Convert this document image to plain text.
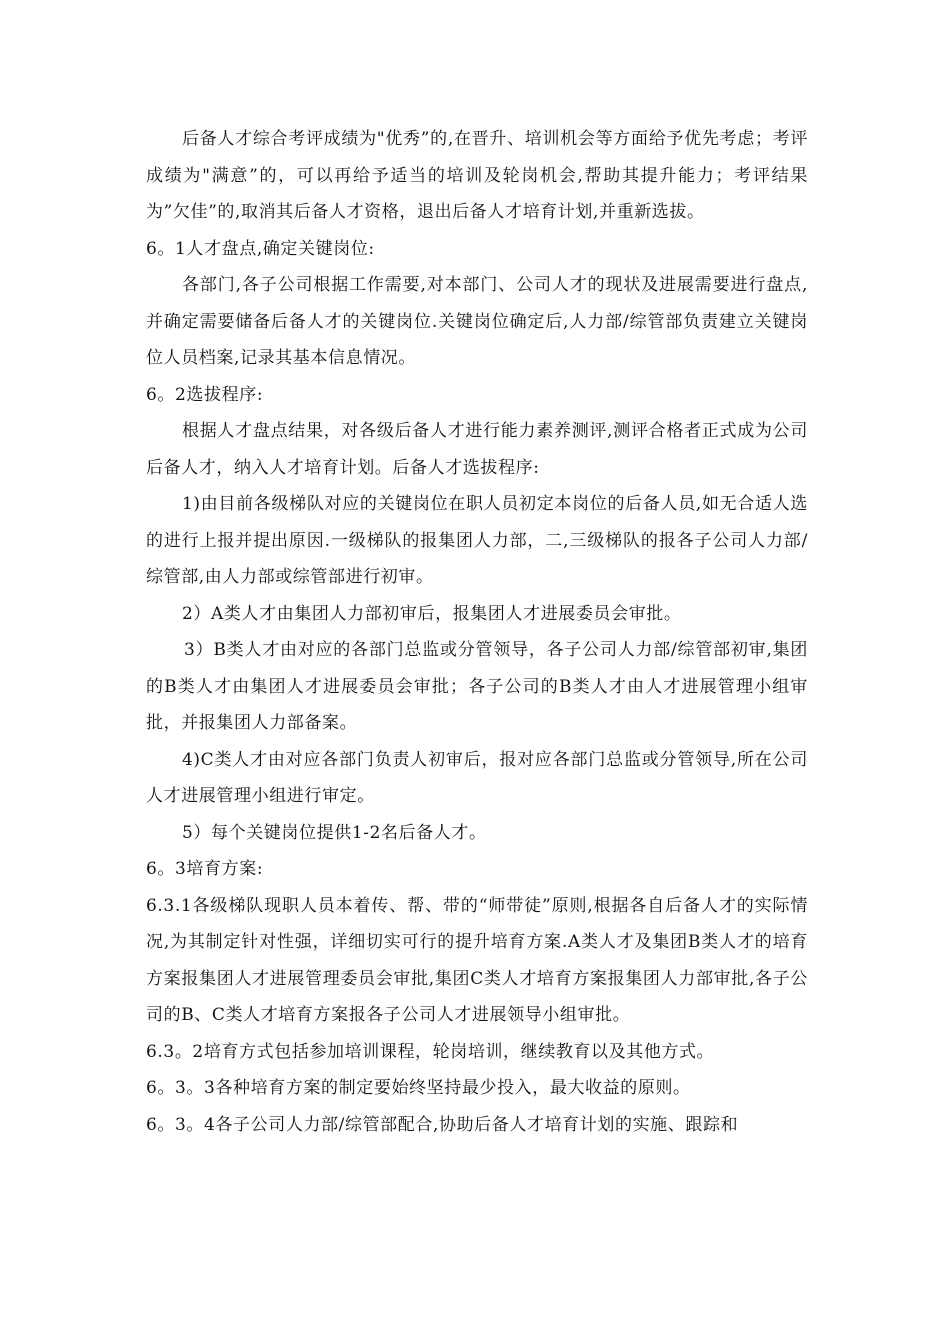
后备人才综合考评成绩为"优秀”的,在晋升、培训机会等方面给予优先考虑；考评成绩为"满意”的，可以再给予适当的培训及轮岗机会,帮助其提升能力；考评结果为”欠佳”的,取消其后备人才资格，退出后备人才培育计划,并重新选拔。

6。1人才盘点,确定关键岗位:

各部门,各子公司根据工作需要,对本部门、公司人才的现状及进展需要进行盘点,并确定需要储备后备人才的关键岗位.关键岗位确定后,人力部/综管部负责建立关键岗位人员档案,记录其基本信息情况。

6。2选拔程序:

根据人才盘点结果，对各级后备人才进行能力素养测评,测评合格者正式成为公司后备人才，纳入人才培育计划。后备人才选拔程序:

1)由目前各级梯队对应的关键岗位在职人员初定本岗位的后备人员,如无合适人选的进行上报并提出原因.一级梯队的报集团人力部，二,三级梯队的报各子公司人力部/综管部,由人力部或综管部进行初审。

2）A类人才由集团人力部初审后，报集团人才进展委员会审批。

3）B类人才由对应的各部门总监或分管领导，各子公司人力部/综管部初审,集团的B类人才由集团人才进展委员会审批；各子公司的B类人才由人才进展管理小组审批，并报集团人力部备案。

4)C类人才由对应各部门负责人初审后，报对应各部门总监或分管领导,所在公司人才进展管理小组进行审定。

5）每个关键岗位提供1-2名后备人才。

6。3培育方案:

6.3.1各级梯队现职人员本着传、帮、带的“师带徒”原则,根据各自后备人才的实际情况,为其制定针对性强，详细切实可行的提升培育方案.A类人才及集团B类人才的培育方案报集团人才进展管理委员会审批,集团C类人才培育方案报集团人力部审批,各子公司的B、C类人才培育方案报各子公司人才进展领导小组审批。

6.3。2培育方式包括参加培训课程，轮岗培训，继续教育以及其他方式。

6。3。3各种培育方案的制定要始终坚持最少投入，最大收益的原则。

6。3。4各子公司人力部/综管部配合,协助后备人才培育计划的实施、跟踪和
